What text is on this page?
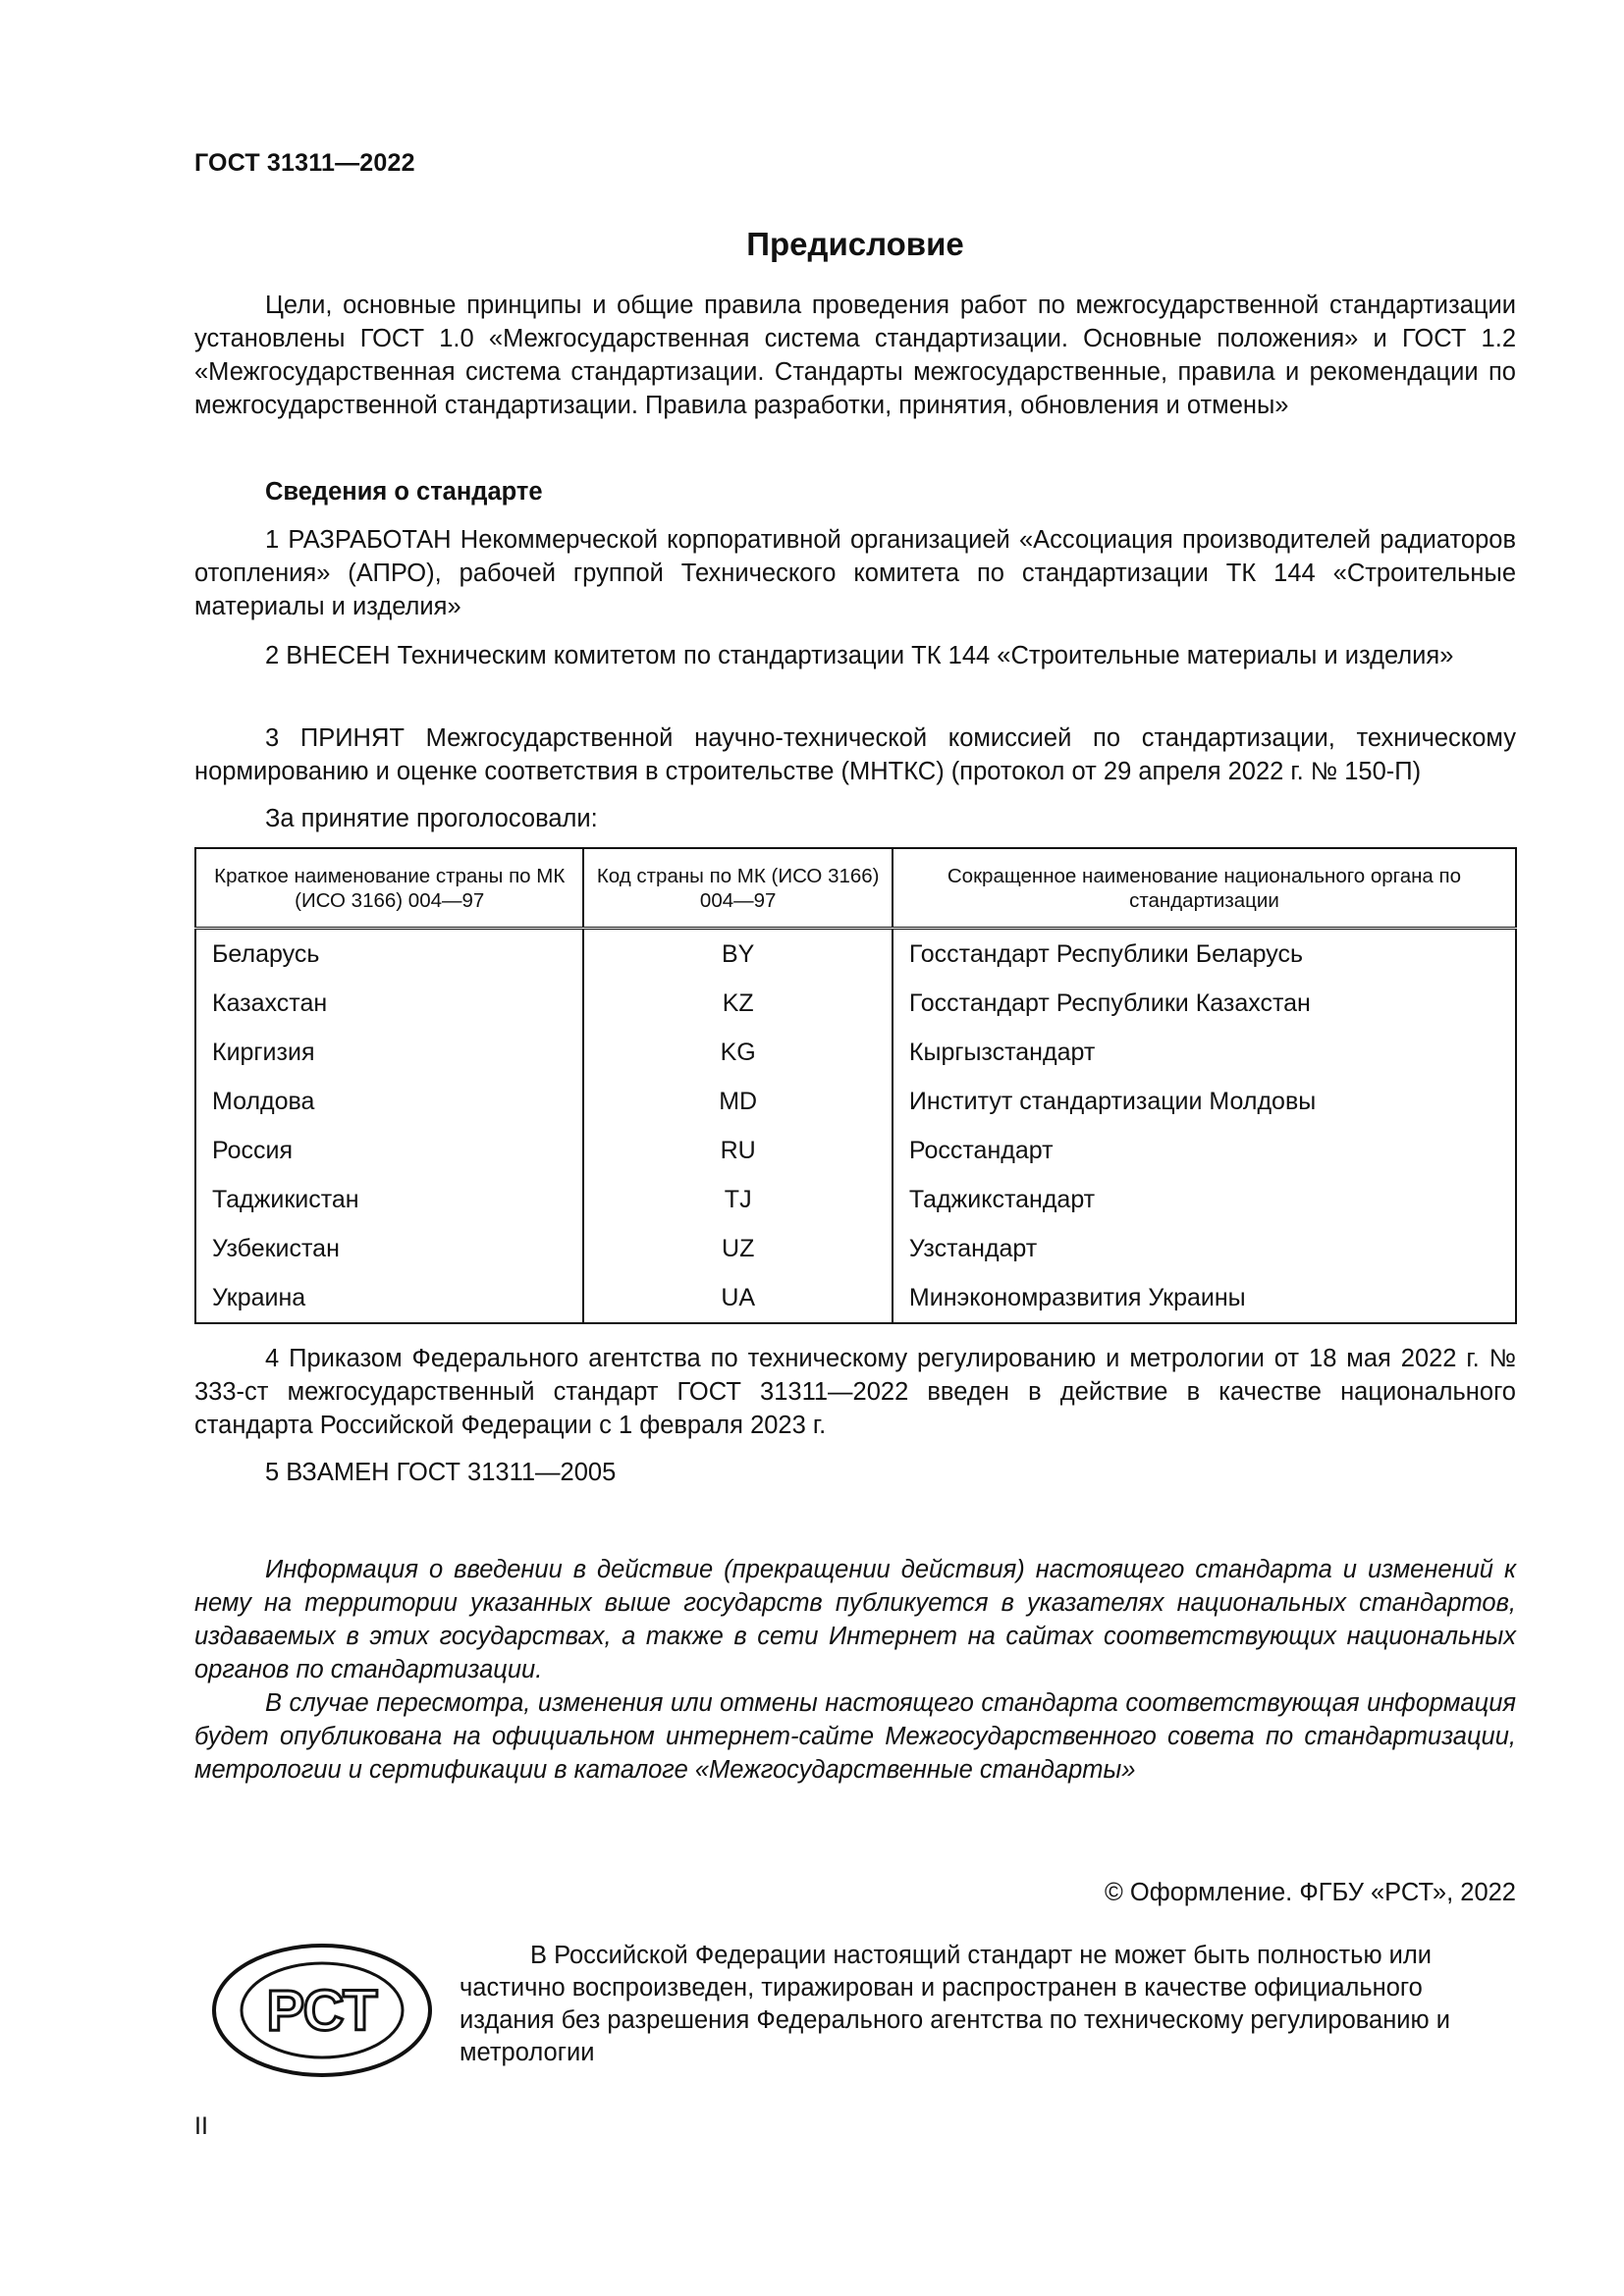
ГОСТ 31311—2022
Предисловие

Цели, основные принципы и общие правила проведения работ по межгосударственной стандартизации установлены ГОСТ 1.0 «Межгосударственная система стандартизации. Основные положения» и ГОСТ 1.2 «Межгосударственная система стандартизации. Стандарты межгосударственные, правила и рекомендации по межгосударственной стандартизации. Правила разработки, принятия, обновления и отмены»

Сведения о стандарте

1 РАЗРАБОТАН Некоммерческой корпоративной организацией «Ассоциация производителей радиаторов отопления» (АПРО), рабочей группой Технического комитета по стандартизации ТК 144 «Строительные материалы и изделия»

2 ВНЕСЕН Техническим комитетом по стандартизации ТК 144 «Строительные материалы и изделия»

3 ПРИНЯТ Межгосударственной научно-технической комиссией по стандартизации, техническому нормированию и оценке соответствия в строительстве (МНТКС) (протокол от 29 апреля 2022 г. № 150-П)

За принятие проголосовали:
Краткое наименование страны по МК (ИСО 3166) 004—97	Код страны по МК (ИСО 3166) 004—97	Сокращенное наименование национального органа по стандартизации
Беларусь	BY	Госстандарт Республики Беларусь
Казахстан	KZ	Госстандарт Республики Казахстан
Киргизия	KG	Кыргызстандарт
Молдова	MD	Институт стандартизации Молдовы
Россия	RU	Росстандарт
Таджикистан	TJ	Таджикстандарт
Узбекистан	UZ	Узстандарт
Украина	UA	Минэкономразвития Украины

4 Приказом Федерального агентства по техническому регулированию и метрологии от 18 мая 2022 г. № 333-ст межгосударственный стандарт ГОСТ 31311—2022 введен в действие в качестве национального стандарта Российской Федерации с 1 февраля 2023 г.

5 ВЗАМЕН ГОСТ 31311—2005

Информация о введении в действие (прекращении действия) настоящего стандарта и изменений к нему на территории указанных выше государств публикуется в указателях национальных стандартов, издаваемых в этих государствах, а также в сети Интернет на сайтах соответствующих национальных органов по стандартизации.

В случае пересмотра, изменения или отмены настоящего стандарта соответствующая информация будет опубликована на официальном интернет-сайте Межгосударственного совета по стандартизации, метрологии и сертификации в каталоге «Межгосударственные стандарты»

© Оформление. ФГБУ «РСТ», 2022
РСТ

В Российской Федерации настоящий стандарт не может быть полностью или частично воспроизведен, тиражирован и распространен в качестве официального издания без разрешения Федерального агентства по техническому регулированию и метрологии

II
